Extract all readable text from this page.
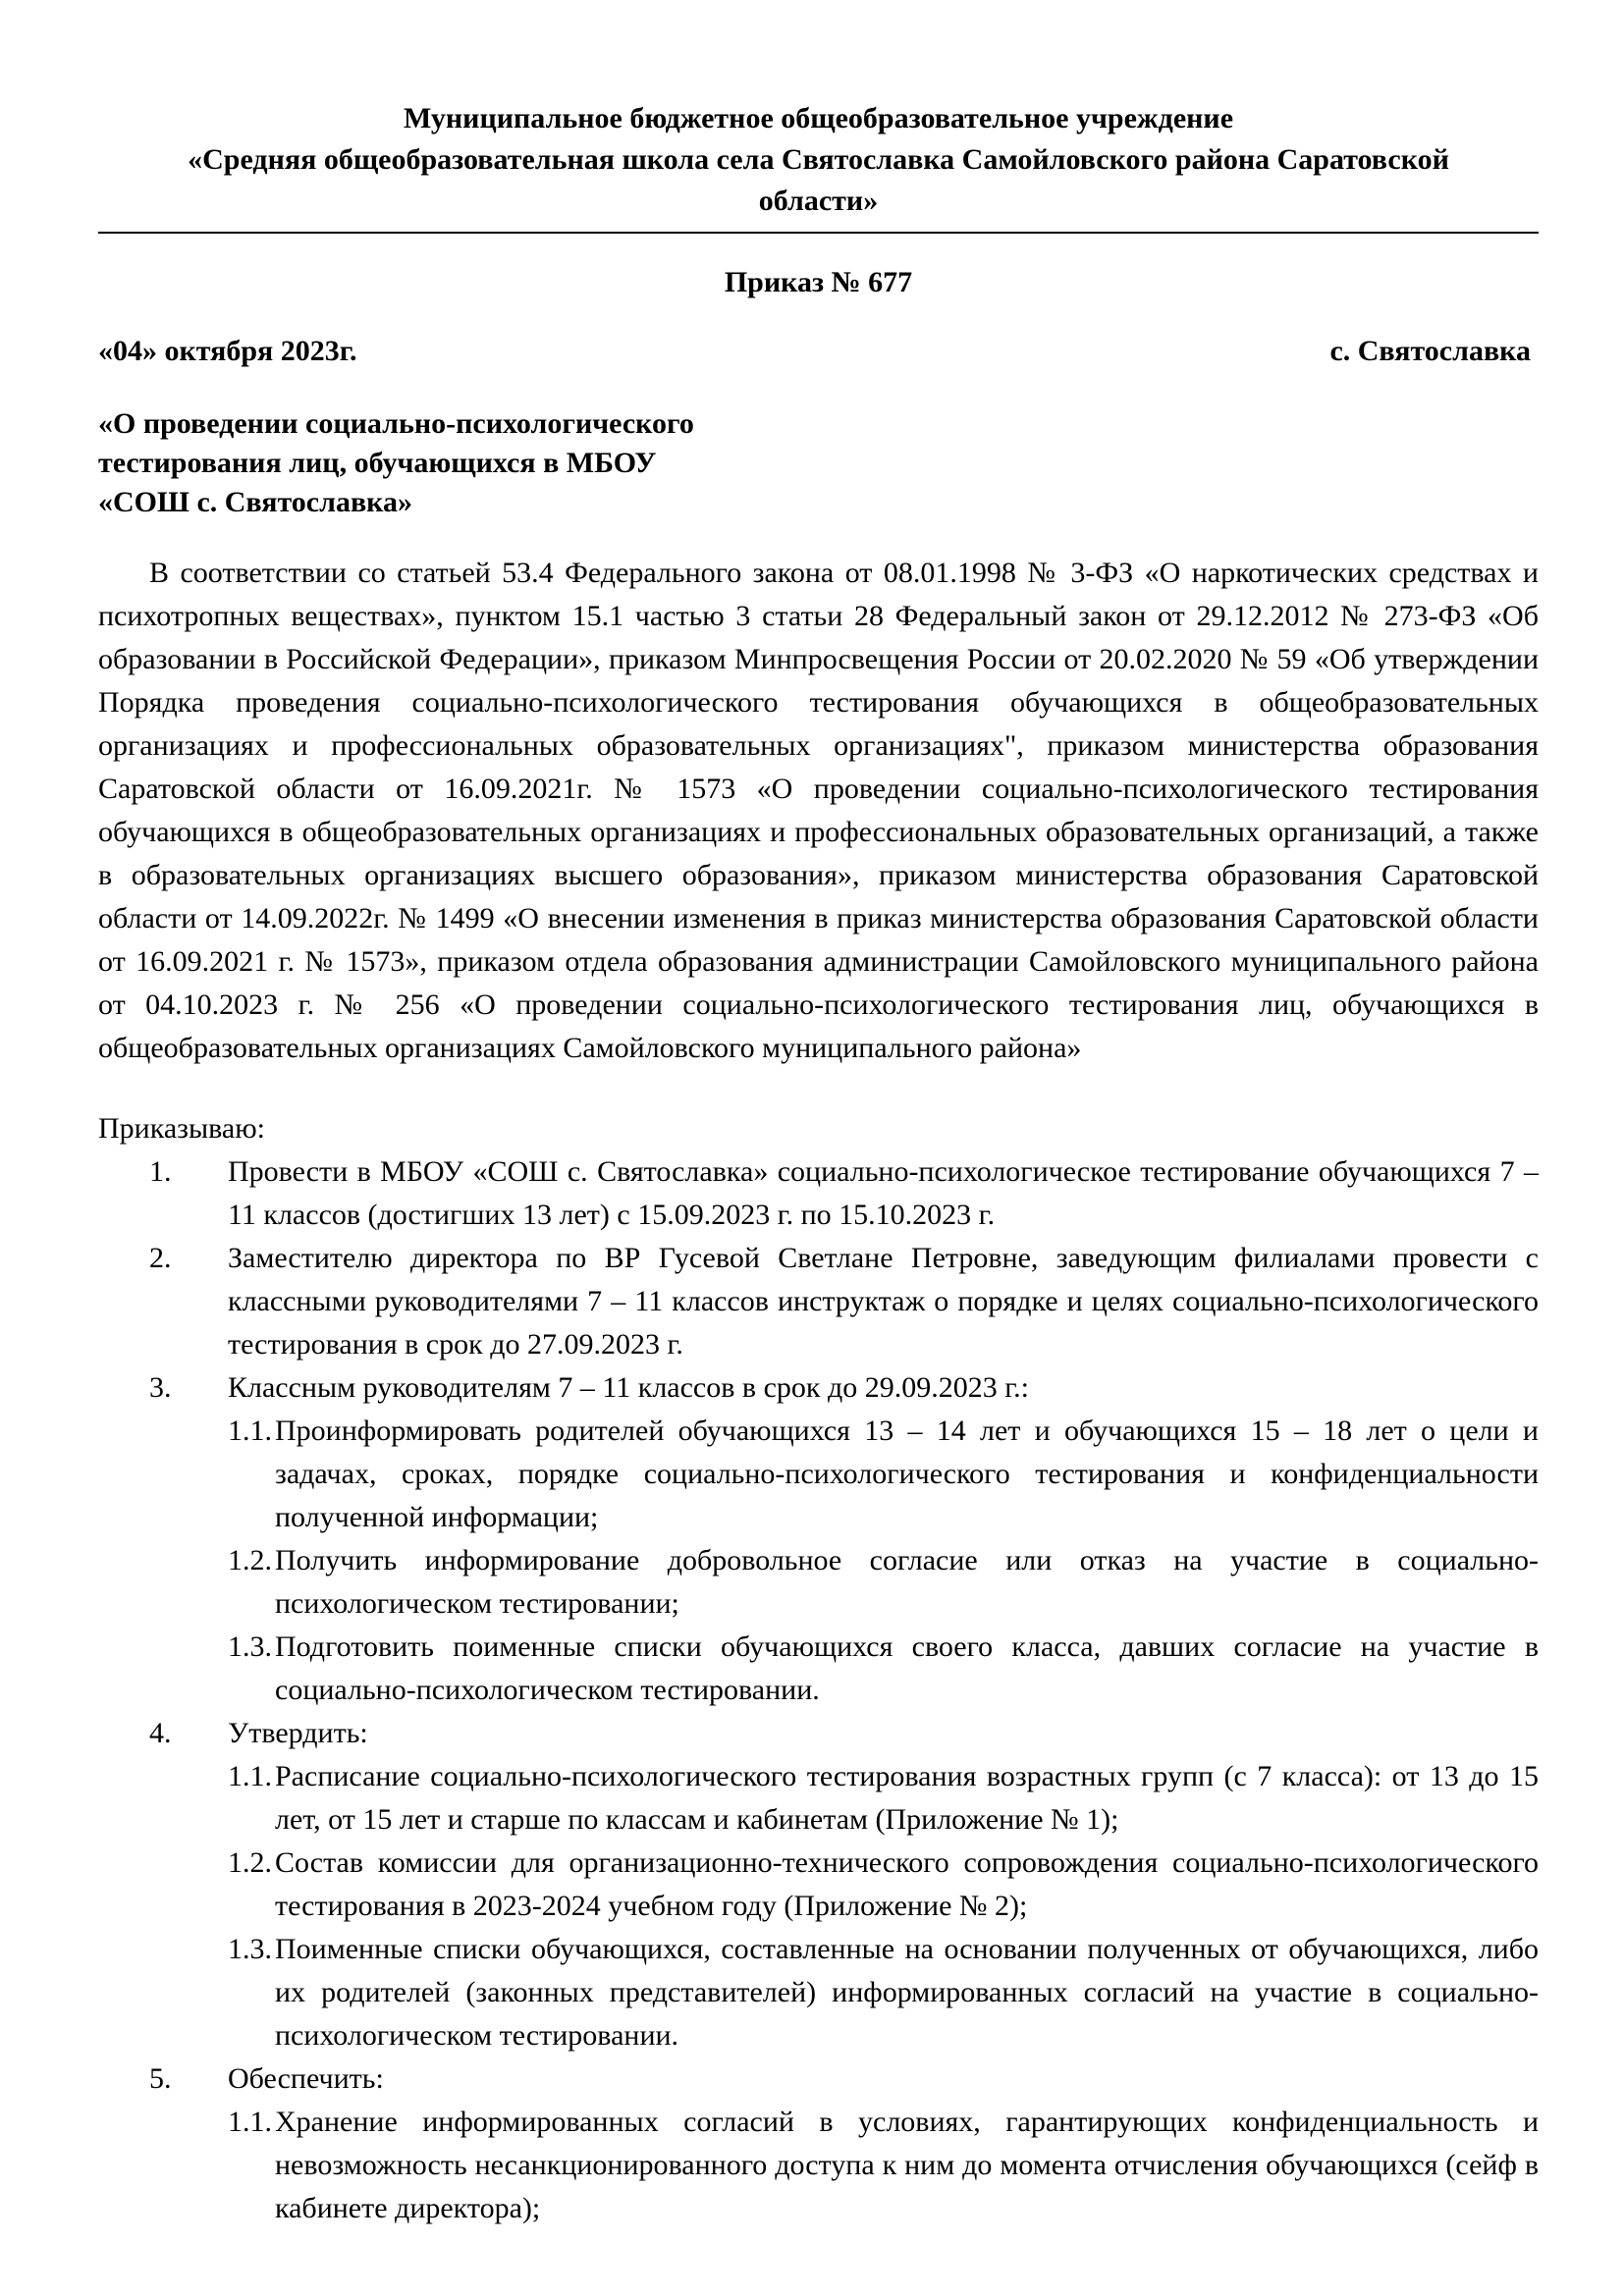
Муниципальное бюджетное общеобразовательное учреждение
«Средняя общеобразовательная школа села Святославка Самойловского района Саратовской
области»
Приказ № 677
«04» октября 2023г.	с. Святославка
«О проведении социально-психологического
тестирования лиц, обучающихся в МБОУ
«СОШ с. Святославка»
В соответствии со статьей 53.4 Федерального закона от 08.01.1998 № 3-ФЗ «О наркотических средствах и психотропных веществах», пунктом 15.1 частью 3 статьи 28 Федеральный закон от 29.12.2012 № 273-ФЗ «Об образовании в Российской Федерации», приказом Минпросвещения России от 20.02.2020 № 59 «Об утверждении Порядка проведения социально-психологического тестирования обучающихся в общеобразовательных организациях и профессиональных образовательных организациях", приказом министерства образования Саратовской области от 16.09.2021г. № 1573 «О проведении социально-психологического тестирования обучающихся в общеобразовательных организациях и профессиональных образовательных организаций, а также в образовательных организациях высшего образования», приказом министерства образования Саратовской области от 14.09.2022г. № 1499 «О внесении изменения в приказ министерства образования Саратовской области от 16.09.2021 г. № 1573», приказом отдела образования администрации Самойловского муниципального района от 04.10.2023 г. № 256 «О проведении социально-психологического тестирования лиц, обучающихся в общеобразовательных организациях Самойловского муниципального района»
Приказываю:
1.	Провести в МБОУ «СОШ с. Святославка» социально-психологическое тестирование обучающихся 7 – 11 классов (достигших 13 лет) с 15.09.2023 г. по 15.10.2023 г.
2.	Заместителю директора по ВР Гусевой Светлане Петровне, заведующим филиалами провести с классными руководителями 7 – 11 классов инструктаж о порядке и целях социально-психологического тестирования в срок до 27.09.2023 г.
3.	Классным руководителям 7 – 11 классов в срок до 29.09.2023 г.:
1.1. Проинформировать родителей обучающихся 13 – 14 лет и обучающихся 15 – 18 лет о цели и задачах, сроках, порядке социально-психологического тестирования и конфиденциальности полученной информации;
1.2. Получить информирование добровольное согласие или отказ на участие в социально-психологическом тестировании;
1.3. Подготовить поименные списки обучающихся своего класса, давших согласие на участие в социально-психологическом тестировании.
4.	Утвердить:
1.1. Расписание социально-психологического тестирования возрастных групп (с 7 класса): от 13 до 15 лет, от 15 лет и старше по классам и кабинетам (Приложение № 1);
1.2. Состав комиссии для организационно-технического сопровождения социально-психологического тестирования в 2023-2024 учебном году (Приложение № 2);
1.3. Поименные списки обучающихся, составленные на основании полученных от обучающихся, либо их родителей (законных представителей) информированных согласий на участие в социально-психологическом тестировании.
5.	Обеспечить:
1.1. Хранение информированных согласий в условиях, гарантирующих конфиденциальность и невозможность несанкционированного доступа к ним до момента отчисления обучающихся (сейф в кабинете директора);
